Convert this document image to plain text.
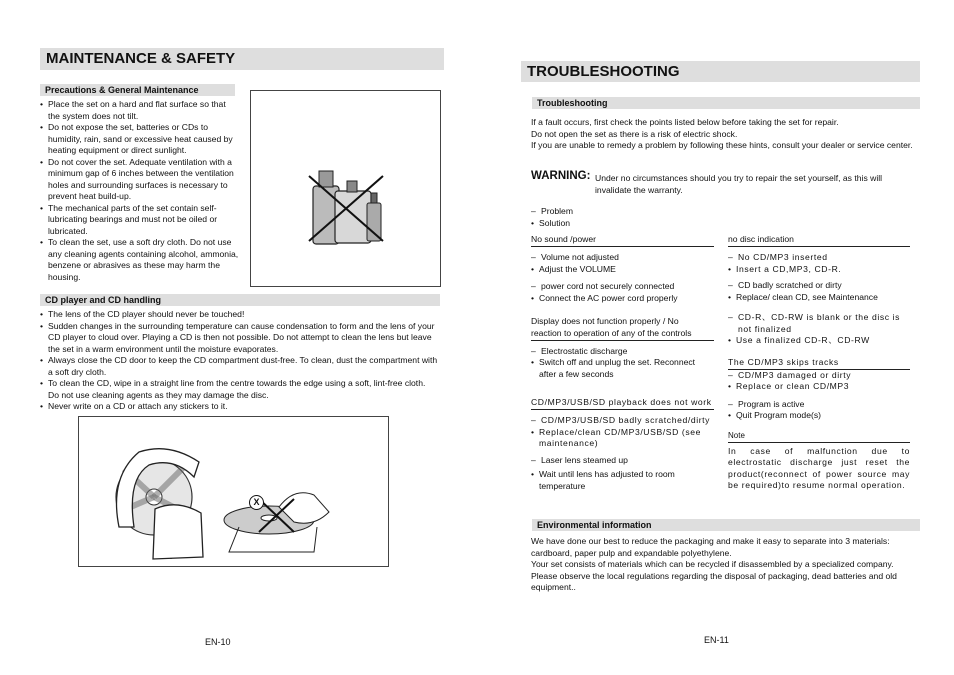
MAINTENANCE & SAFETY
Precautions & General Maintenance
• Place the set on a hard and flat surface so that the system does not tilt.
• Do not expose the set, batteries or CDs to humidity, rain, sand or excessive heat caused by heating equipment or direct sunlight.
• Do not cover the set. Adequate ventilation with a minimum gap of 6 inches between the ventilation holes and surrounding surfaces is necessary to prevent heat build-up.
• The mechanical parts of the set contain self-lubricating bearings and must not be oiled or lubricated.
• To clean the set, use a soft dry cloth. Do not use any cleaning agents containing alcohol, ammonia, benzene or abrasives as these may harm the housing.
CD player and CD handling
• The lens of the CD player should never be touched!
• Sudden changes in the surrounding temperature can cause condensation to form and the lens of your CD player to cloud over. Playing a CD is then not possible. Do not attempt to clean the lens but leave the set in a warm environment until the moisture evaporates.
• Always close the CD door to keep the CD compartment dust-free. To clean, dust the compartment with a soft dry cloth.
• To clean the CD, wipe in a straight line from the centre towards the edge using a soft, lint-free cloth. Do not use cleaning agents as they may damage the disc.
• Never write on a CD or attach any stickers to it.
X
EN-10
TROUBLESHOOTING
Troubleshooting
If a fault occurs, first check the points listed below before taking the set for repair.
Do not open the set as there is a risk of electric shock.
If you are unable to remedy a problem by following these hints, consult your dealer or service center.
WARNING: Under no circumstances should you try to repair the set yourself, as this will invalidate the warranty.
– Problem
• Solution
No sound /power
– Volume not adjusted
• Adjust the VOLUME
– power cord not securely connected
• Connect the AC power cord properly
Display does not function properly / No
reaction to operation of any of the controls
– Electrostatic discharge
• Switch off and unplug the set. Reconnect after a few seconds
CD/MP3/USB/SD playback does not work
– CD/MP3/USB/SD badly scratched/dirty
• Replace/clean CD/MP3/USB/SD (see maintenance)
– Laser lens steamed up
• Wait until lens has adjusted to room temperature
no disc indication
– No CD/MP3 inserted
• Insert a CD,MP3, CD-R.
– CD badly scratched or dirty
• Replace/ clean CD, see Maintenance
– CD-R、CD-RW is blank or the disc is not finalized
• Use a finalized CD-R、CD-RW
The CD/MP3 skips tracks
– CD/MP3 damaged or dirty
• Replace or clean CD/MP3
– Program is active
• Quit Program mode(s)
Note
In case of malfunction due to electrostatic discharge just reset the product(reconnect of power source may be required)to resume normal operation.
Environmental information
We have done our best to reduce the packaging and make it easy to separate into 3 materials: cardboard, paper pulp and expandable polyethylene.
Your set consists of materials which can be recycled if disassembled by a specialized company.
Please observe the local regulations regarding the disposal of packaging, dead batteries and old equipment..
EN-11
